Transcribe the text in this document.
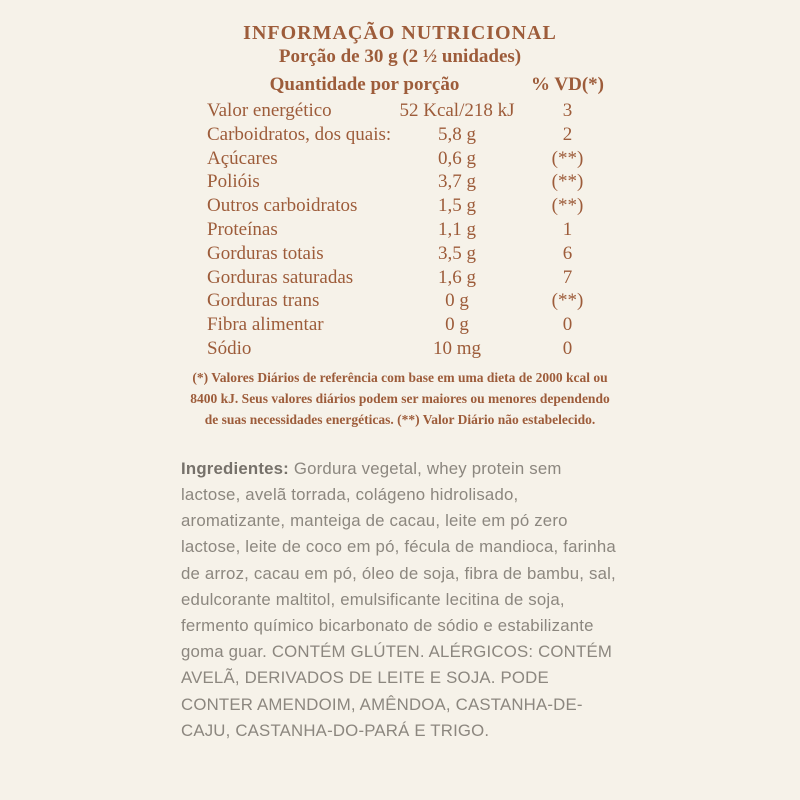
INFORMAÇÃO NUTRICIONAL
Porção de 30 g (2 ½ unidades)
Quantidade por porção	% VD(*)
Valor energético	52 Kcal/218 kJ	3
Carboidratos, dos quais:	5,8 g	2
Açúcares	0,6 g	(**)
Polióis	3,7 g	(**)
Outros carboidratos	1,5 g	(**)
Proteínas	1,1 g	1
Gorduras totais	3,5 g	6
Gorduras saturadas	1,6 g	7
Gorduras trans	0 g	(**)
Fibra alimentar	0 g	0
Sódio	10 mg	0
(*) Valores Diários de referência com base em uma dieta de 2000 kcal ou 8400 kJ. Seus valores diários podem ser maiores ou menores dependendo de suas necessidades energéticas. (**) Valor Diário não estabelecido.

Ingredientes: Gordura vegetal, whey protein sem lactose, avelã torrada, colágeno hidrolisado, aromatizante, manteiga de cacau, leite em pó zero lactose, leite de coco em pó, fécula de mandioca, farinha de arroz, cacau em pó, óleo de soja, fibra de bambu, sal, edulcorante maltitol, emulsificante lecitina de soja, fermento químico bicarbonato de sódio e estabilizante goma guar. CONTÉM GLÚTEN. ALÉRGICOS: CONTÉM AVELÃ, DERIVADOS DE LEITE E SOJA. PODE CONTER AMENDOIM, AMÊNDOA, CASTANHA-DE-CAJU, CASTANHA-DO-PARÁ E TRIGO.
